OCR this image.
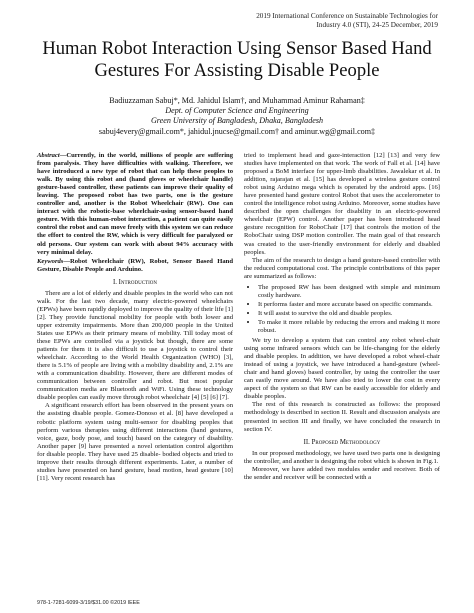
2019 International Conference on Sustainable Technologies for
Industry 4.0 (STI), 24-25 December, 2019
Human Robot Interaction Using Sensor Based Hand
Gestures For Assisting Disable People
Badiuzzaman Sabuj*, Md. Jahidul Islam†, and Muhammad Aminur Rahaman‡
Dept. of Computer Science and Engineering
Green University of Bangladesh, Dhaka, Bangladesh
sabuj4every@gmail.com*, jahidul.jnucse@gmail.com† and aminur.wg@gmail.com‡
Abstract—Currently, in the world, millions of people are suffering from paralysis. They have difficulties with walking. Therefore, we have introduced a new type of robot that can help these peoples to walk. By using this robot and (hand gloves or wheelchair handle) gesture-based controller, these patients can improve their quality of leaving. The proposed robot has two parts, one is the gesture controller and, another is the Robot Wheelchair (RW). One can interact with the robotic-base wheelchair-using sensor-based hand gesture. With this human-robot interaction, a patient can quite easily control the robot and can move freely with this system we can reduce the effort to control the RW, which is very difficult for paralyzed or old persons. Our system can work with about 94% accuracy with very minimal delay.
Keywords—Robot Wheelchair (RW), Robot, Sensor Based Hand Gesture, Disable People and Arduino.
I. Introduction

There are a lot of elderly and disable peoples in the world who can not walk. For the last two decade, many electric-powered wheelchairs (EPWs) have been rapidly deployed to improve the quality of their life [1] [2]. They provide functional mobility for people with both lower and upper extremity impairments. More than 200,000 people in the United States use EPWs as their primary means of mobility. Till today most of these EPWs are controlled via a joystick but though, there are some patients for them it is also difficult to use a joystick to control their wheelchair. According to the World Health Organization (WHO) [3], there is 5.1% of people are living with a mobility disability and, 2.1% are with a communication disability. However, there are different modes of communication between controller and robot. But most popular communication media are Bluetooth and WiFi. Using these technology disable peoples can easily move through robot wheelchair [4] [5] [6] [7].

A significant research effort has been observed in the present years on the assisting disable people. Gomez-Donoso et al. [8] have developed a robotic platform system using multi-sensor for disabling peoples that perform various therapies using different interactions (hand gestures, voice, gaze, body pose, and touch) based on the category of disability. Another paper [9] have presented a novel orientation control algorithm for disable people. They have used 25 disable- bodied objects and tried to improve their results through different experiments. Later, a number of studies have presented on hand gesture, head motion, head gesture [10] [11]. Very recent research has

tried to implement head and gaze-interaction [12] [13] and very few studies have implemented on that work. The work of Fall et al. [14] have proposed a BoM interface for upper-limb disabilities. Jawalekar et al. In addition, rajarajan et al. [15] has developed a wireless gesture control robot using Arduino mega which is operated by the android apps. [16] have presented hand gesture control Robot that uses the accelerometer to control the intelligence robot using Arduino. Moreover, some studies have described the open challenges for disability in an electric-powered wheelchair (EPW) control. Another paper has been introduced head gesture recognition for RoboChair [17] that controls the motion of the RoboChair using DSP motion controller. The main goal of that research was created to the user-friendly environment for elderly and disabled peoples.

The aim of the research to design a hand gesture-based controller with the reduced computational cost. The principle contributions of this paper are summarized as follows:

• The proposed RW has been designed with simple and minimum costly hardware.
• It performs faster and more accurate based on specific commands.
• It will assist to survive the old and disable peoples.
• To make it more reliable by reducing the errors and making it more robust.

We try to develop a system that can control any robot wheel-chair using some infrared sensors which can be life-changing for the elderly and disable peoples. In addition, we have developed a robot wheel-chair instead of using a joystick, we have introduced a hand-gesture (wheel-chair and hand gloves) based controller, by using the controller the user can easily move around. We have also tried to lower the cost in every aspect of the system so that RW can be easily accessible for elderly and disable peoples.

The rest of this research is constructed as follows: the proposed methodology is described in section II. Result and discussion analysis are presented in section III and finally, we have concluded the research in section IV.

II. Proposed Methodology

In our proposed methodology, we have used two parts one is designing the controller, and another is designing the robot which is shown in Fig.1.

Moreover, we have added two modules sender and receiver. Both of the sender and receiver will be connected with a

978-1-7281-6099-3/19/$31.00 ©2019 IEEE
